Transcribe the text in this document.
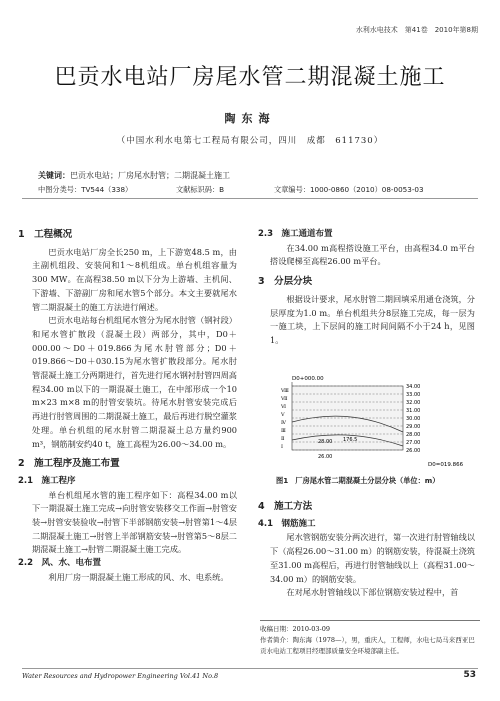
水利水电技术　第41卷　2010年第8期
巴贡水电站厂房尾水管二期混凝土施工
陶东海
（中国水利水电第七工程局有限公司，四川　成都　611730）
关键词：巴贡水电站；厂房尾水肘管；二期混凝土施工
中图分类号：TV544（338）	文献标识码：B	文章编号：1000-0860（2010）08-0053-03
1　工程概况

巴贡水电站厂房全长250 m，上下游宽48.5 m，由主副机组段、安装间和1～8机组成。单台机组容量为300 MW。在高程38.50 m以下分为上游墙、主机间、下游墙、下游副厂房和尾水管5个部分。本文主要就尾水管二期混凝土的施工方法进行阐述。

巴贡水电站每台机组尾水管分为尾水肘管（钢衬段）和尾水管扩散段（混凝土段）两部分，其中，D0＋000.00～D0＋019.866为尾水肘管部分；D0＋019.866～D0＋030.15为尾水管扩散段部分。尾水肘管混凝土施工分两期进行，首先进行尾水钢衬肘管四周高程34.00 m以下的一期混凝土施工，在中部形成一个10 m×23 m×8 m的肘管安装坑。待尾水肘管安装完成后再进行肘管周围的二期混凝土施工，最后再进行脱空灌浆处理。单台机组的尾水肘管二期混凝土总方量约900 m³，钢筋制安约40 t，施工高程为26.00～34.00 m。

2　施工程序及施工布置
2.1　施工程序

单台机组尾水管的施工程序如下：高程34.00 m以下一期混凝土施工完成→向肘管安装移交工作面→肘管安装→肘管安装验收→肘管下半部钢筋安装→肘管第1～4层二期混凝土施工→肘管上半部钢筋安装→肘管第5～8层二期混凝土施工→肘管二期混凝土施工完成。

2.2　风、水、电布置

利用厂房一期混凝土施工形成的风、水、电系统。

2.3　施工通道布置

在34.00 m高程搭设施工平台，由高程34.0 m平台搭设爬梯至高程26.00 m平台。

3　分层分块

根据设计要求，尾水肘管二期回填采用通仓浇筑，分层厚度为1.0 m。单台机组共分8层施工完成，每一层为一施工块，上下层间的施工时间间隔不小于24 h，见图1。

D0+000.00
34.00
33.00
32.00
31.00
30.00
29.00
28.00
27.00
26.00
Ⅷ
Ⅶ
Ⅵ
Ⅴ
Ⅳ
Ⅲ
Ⅱ
Ⅰ
28.00 176.5
26.00
D0=019.866
图1　厂房尾水管二期混凝土分层分块（单位：m）
4　施工方法
4.1　钢筋施工

尾水管钢筋安装分两次进行，第一次进行肘管轴线以下（高程26.00～31.00 m）的钢筋安装，待混凝土浇筑至31.00 m高程后，再进行肘管轴线以上（高程31.00～34.00 m）的钢筋安装。

在对尾水肘管轴线以下部位钢筋安装过程中，首

收稿日期：2010-03-09
作者简介：陶东海（1978—），男，重庆人，工程师，水电七局马来西亚巴贡水电站工程项目经理部质量安全环境部副主任。
Water Resources and Hydropower Engineering Vol.41 No.8	53
